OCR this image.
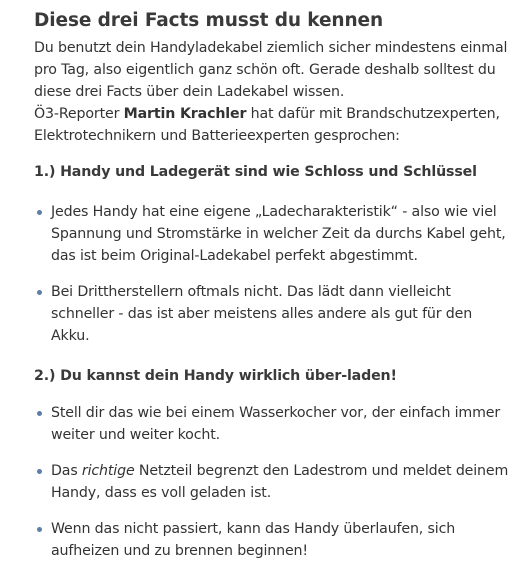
Diese drei Facts musst du kennen

Du benutzt dein Handyladekabel ziemlich sicher mindestens einmal pro Tag, also eigentlich ganz schön oft. Gerade deshalb solltest du diese drei Facts über dein Ladekabel wissen.
Ö3-Reporter Martin Krachler hat dafür mit Brandschutzexperten, Elektrotechnikern und Batterieexperten gesprochen:

1.) Handy und Ladegerät sind wie Schloss und Schlüssel
Jedes Handy hat eine eigene „Ladecharakteristik“ - also wie viel Spannung und Stromstärke in welcher Zeit da durchs Kabel geht, das ist beim Original-Ladekabel perfekt abgestimmt.
Bei Drittherstellern oftmals nicht. Das lädt dann vielleicht schneller - das ist aber meistens alles andere als gut für den Akku.
2.) Du kannst dein Handy wirklich über-laden!
Stell dir das wie bei einem Wasserkocher vor, der einfach immer weiter und weiter kocht.
Das richtige Netzteil begrenzt den Ladestrom und meldet deinem Handy, dass es voll geladen ist.
Wenn das nicht passiert, kann das Handy überlaufen, sich aufheizen und zu brennen beginnen!
